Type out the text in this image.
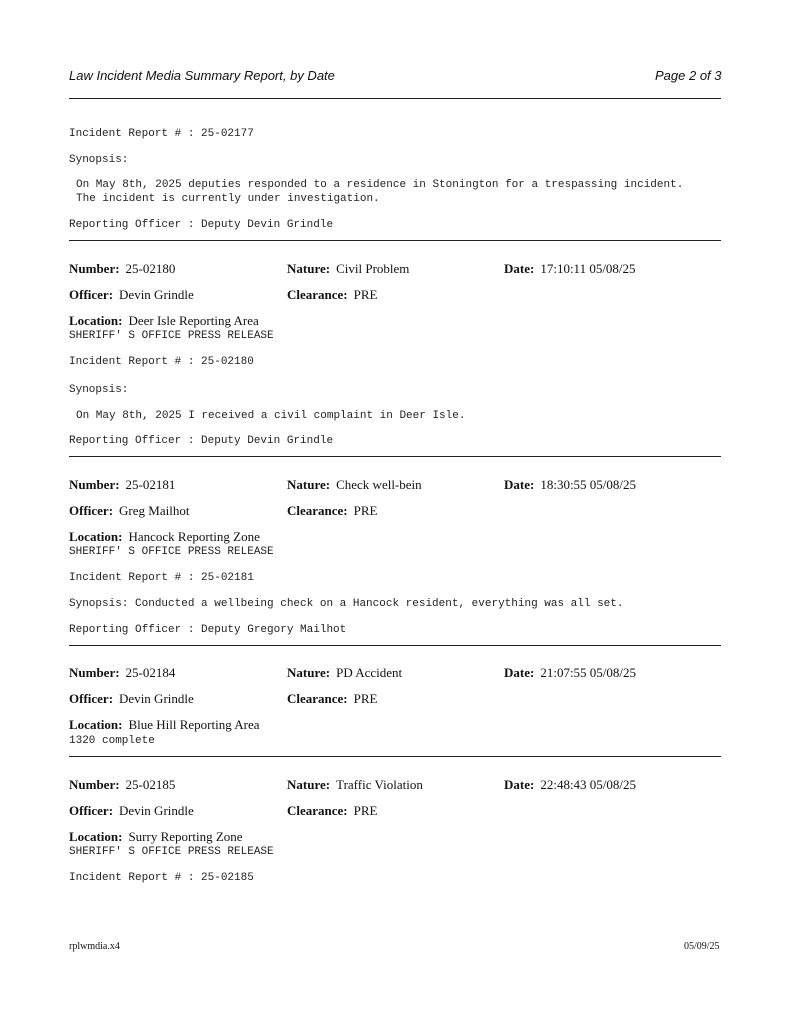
Law Incident Media Summary Report, by Date	Page 2 of 3
Incident Report # : 25-02177
Synopsis:
On May 8th, 2025 deputies responded to a residence in Stonington for a trespassing incident.
The incident is currently under investigation.
Reporting Officer : Deputy Devin Grindle
Number: 25-02180	Nature: Civil Problem	Date: 17:10:11 05/08/25
Officer: Devin Grindle	Clearance: PRE
Location: Deer Isle Reporting Area
SHERIFF' S OFFICE PRESS RELEASE
Incident Report # : 25-02180
Synopsis:
On May 8th, 2025 I received a civil complaint in Deer Isle.
Reporting Officer : Deputy Devin Grindle
Number: 25-02181	Nature: Check well-bein	Date: 18:30:55 05/08/25
Officer: Greg Mailhot	Clearance: PRE
Location: Hancock Reporting Zone
SHERIFF' S OFFICE PRESS RELEASE
Incident Report # : 25-02181
Synopsis: Conducted a wellbeing check on a Hancock resident, everything was all set.
Reporting Officer : Deputy Gregory Mailhot
Number: 25-02184	Nature: PD Accident	Date: 21:07:55 05/08/25
Officer: Devin Grindle	Clearance: PRE
Location: Blue Hill Reporting Area
1320 complete
Number: 25-02185	Nature: Traffic Violation	Date: 22:48:43 05/08/25
Officer: Devin Grindle	Clearance: PRE
Location: Surry Reporting Zone
SHERIFF' S OFFICE PRESS RELEASE
Incident Report # : 25-02185
rplwmdia.x4	05/09/25
